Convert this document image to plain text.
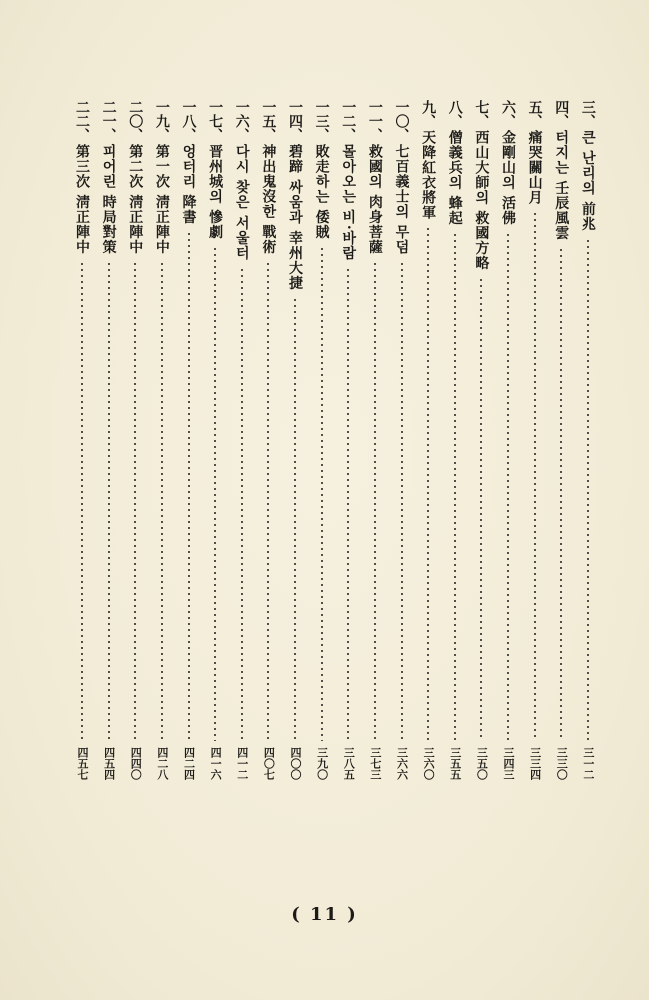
三、
큰 난리의 前兆
三一二
四、
터지는 壬辰風雲
三三〇
五、
痛哭關山月
三三四
六、
金剛山의 活佛
三四三
七、
西山大師의 救國方略
三五〇
八、
僧義兵의 蜂起
三五五
九、
天降紅衣將軍
三六〇
一〇、
七百義士의 무덤
三六六
一一、
救國의 肉身菩薩
三七三
一二、
몰아오는 비·바람
三八五
一三、
敗走하는 倭賊
三九〇
一四、
碧蹄 싸움과 幸州大捷
四〇〇
一五、
神出鬼沒한 戰術
四〇七
一六、
다시 찾은 서울터
四一二
一七、
晋州城의 慘劇
四一六
一八、
엉터리 降書
四二四
一九、
第一次 淸正陣中
四二八
二〇、
第二次 淸正陣中
四四〇
二一、
피어린 時局對策
四五四
二二、
第三次 淸正陣中
四五七
( 11 )
